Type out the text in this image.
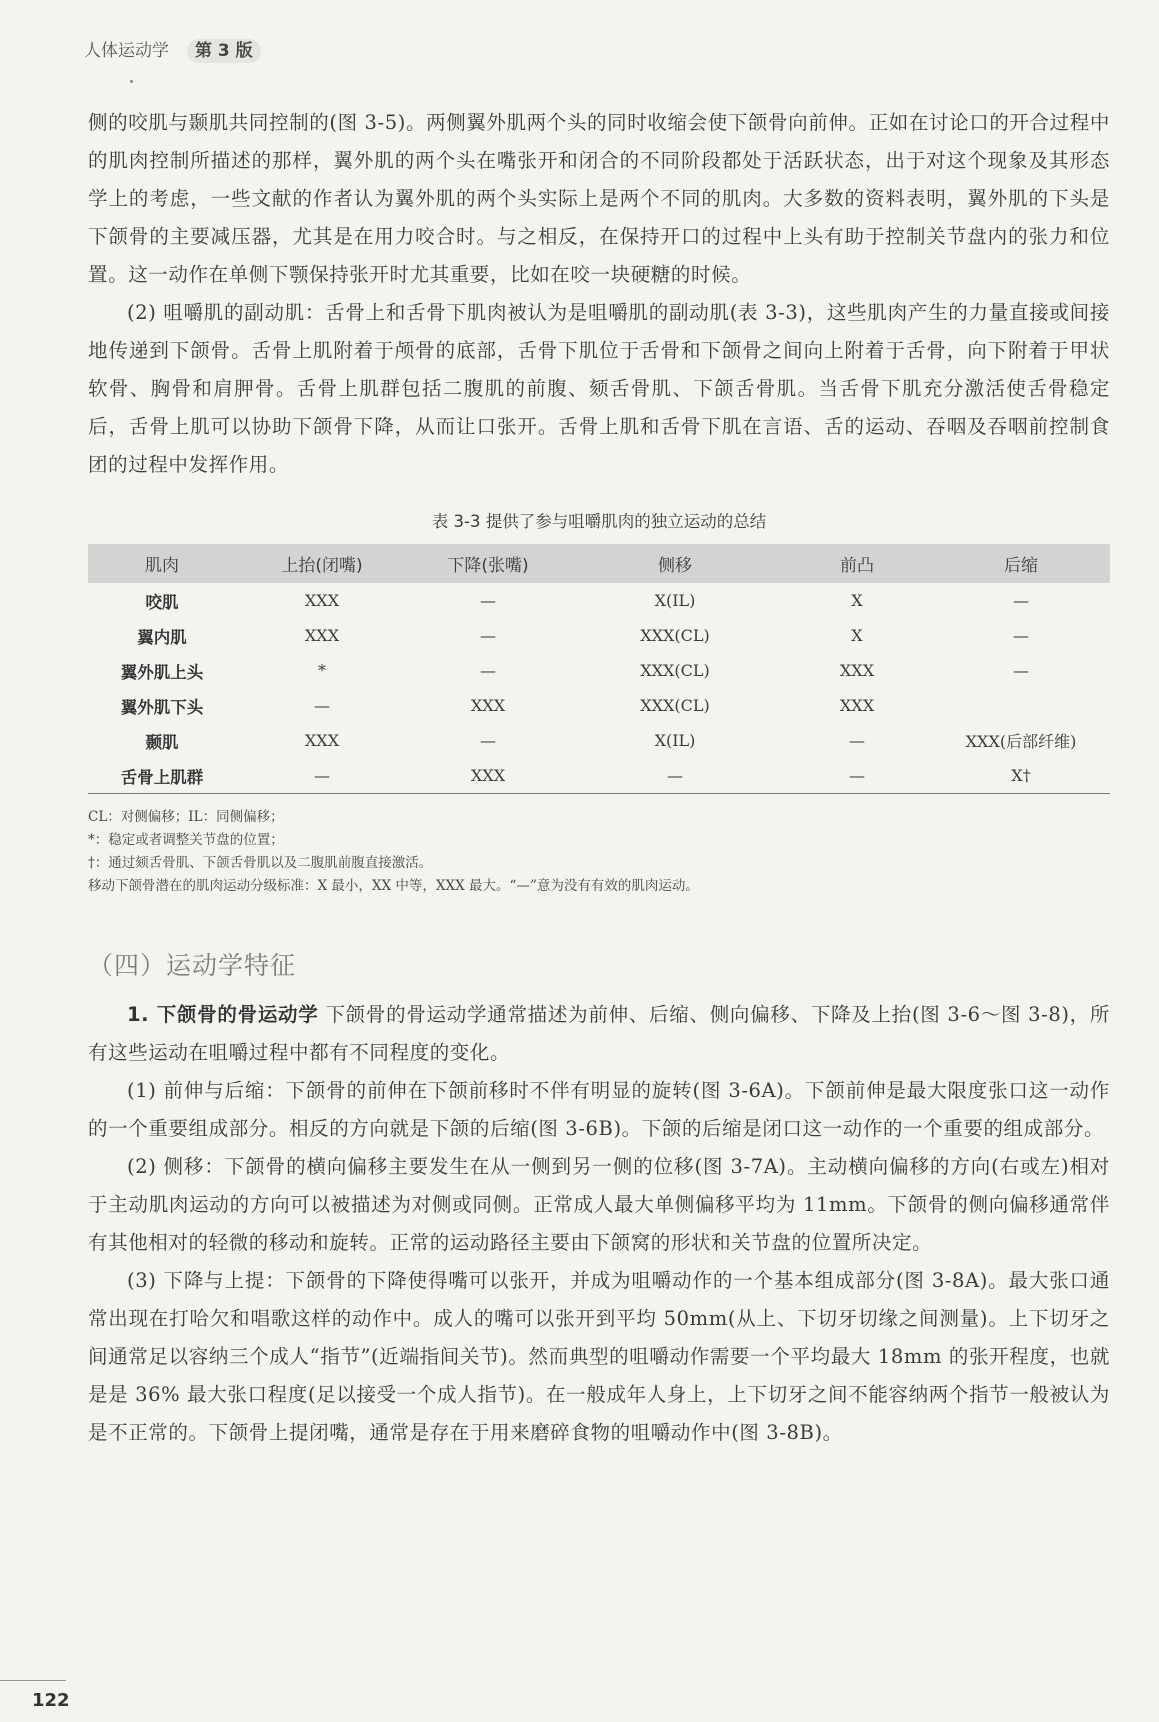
人体运动学 第 3 版

侧的咬肌与颞肌共同控制的(图 3-5)。两侧翼外肌两个头的同时收缩会使下颌骨向前伸。正如在讨论口的开合过程中的肌肉控制所描述的那样，翼外肌的两个头在嘴张开和闭合的不同阶段都处于活跃状态，出于对这个现象及其形态学上的考虑，一些文献的作者认为翼外肌的两个头实际上是两个不同的肌肉。大多数的资料表明，翼外肌的下头是下颌骨的主要减压器，尤其是在用力咬合时。与之相反，在保持开口的过程中上头有助于控制关节盘内的张力和位置。这一动作在单侧下颚保持张开时尤其重要，比如在咬一块硬糖的时候。

(2) 咀嚼肌的副动肌：舌骨上和舌骨下肌肉被认为是咀嚼肌的副动肌(表 3-3)，这些肌肉产生的力量直接或间接地传递到下颌骨。舌骨上肌附着于颅骨的底部，舌骨下肌位于舌骨和下颌骨之间向上附着于舌骨，向下附着于甲状软骨、胸骨和肩胛骨。舌骨上肌群包括二腹肌的前腹、颏舌骨肌、下颌舌骨肌。当舌骨下肌充分激活使舌骨稳定后，舌骨上肌可以协助下颌骨下降，从而让口张开。舌骨上肌和舌骨下肌在言语、舌的运动、吞咽及吞咽前控制食团的过程中发挥作用。

表 3-3 提供了参与咀嚼肌肉的独立运动的总结
肌肉	上抬(闭嘴)	下降(张嘴)	侧移	前凸	后缩
咬肌	XXX	—	X(IL)	X	—
翼内肌	XXX	—	XXX(CL)	X	—
翼外肌上头	*	—	XXX(CL)	XXX	—
翼外肌下头	—	XXX	XXX(CL)	XXX	
颞肌	XXX	—	X(IL)	—	XXX(后部纤维)
舌骨上肌群	—	XXX	—	—	X†
CL：对侧偏移；IL：同侧偏移；
*：稳定或者调整关节盘的位置；
†：通过颏舌骨肌、下颌舌骨肌以及二腹肌前腹直接激活。
移动下颌骨潜在的肌肉运动分级标准：X 最小，XX 中等，XXX 最大。“—”意为没有有效的肌肉运动。
（四）运动学特征

1. 下颌骨的骨运动学 下颌骨的骨运动学通常描述为前伸、后缩、侧向偏移、下降及上抬(图 3-6～图 3-8)，所有这些运动在咀嚼过程中都有不同程度的变化。

(1) 前伸与后缩：下颌骨的前伸在下颌前移时不伴有明显的旋转(图 3-6A)。下颌前伸是最大限度张口这一动作的一个重要组成部分。相反的方向就是下颌的后缩(图 3-6B)。下颌的后缩是闭口这一动作的一个重要的组成部分。

(2) 侧移：下颌骨的横向偏移主要发生在从一侧到另一侧的位移(图 3-7A)。主动横向偏移的方向(右或左)相对于主动肌肉运动的方向可以被描述为对侧或同侧。正常成人最大单侧偏移平均为 11mm。下颌骨的侧向偏移通常伴有其他相对的轻微的移动和旋转。正常的运动路径主要由下颌窝的形状和关节盘的位置所决定。

(3) 下降与上提：下颌骨的下降使得嘴可以张开，并成为咀嚼动作的一个基本组成部分(图 3-8A)。最大张口通常出现在打哈欠和唱歌这样的动作中。成人的嘴可以张开到平均 50mm(从上、下切牙切缘之间测量)。上下切牙之间通常足以容纳三个成人“指节”(近端指间关节)。然而典型的咀嚼动作需要一个平均最大 18mm 的张开程度，也就是是 36% 最大张口程度(足以接受一个成人指节)。在一般成年人身上，上下切牙之间不能容纳两个指节一般被认为是不正常的。下颌骨上提闭嘴，通常是存在于用来磨碎食物的咀嚼动作中(图 3-8B)。

122
